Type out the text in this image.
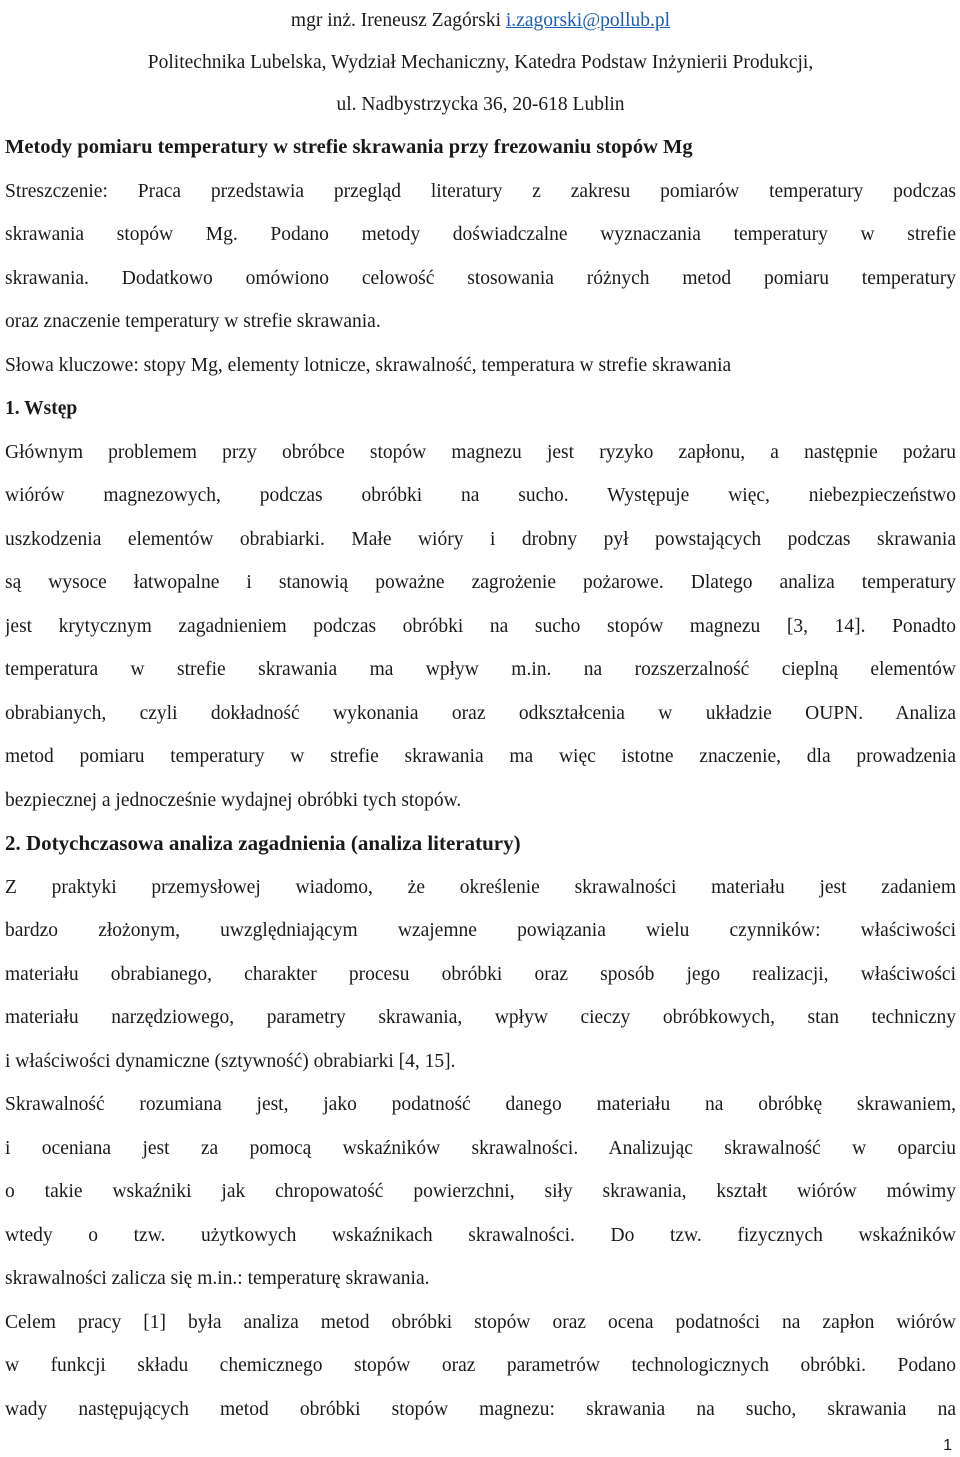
mgr inż. Ireneusz Zagórski i.zagorski@pollub.pl
Politechnika Lubelska, Wydział Mechaniczny, Katedra Podstaw Inżynierii Produkcji,
ul. Nadbystrzycka 36, 20-618 Lublin
Metody pomiaru temperatury w strefie skrawania przy frezowaniu stopów Mg
Streszczenie: Praca przedstawia przegląd literatury z zakresu pomiarów temperatury podczas
skrawania stopów Mg. Podano metody doświadczalne wyznaczania temperatury w strefie
skrawania. Dodatkowo omówiono celowość stosowania różnych metod pomiaru temperatury
oraz znaczenie temperatury w strefie skrawania.
Słowa kluczowe: stopy Mg, elementy lotnicze, skrawalność, temperatura w strefie skrawania
1. Wstęp
Głównym problemem przy obróbce stopów magnezu jest ryzyko zapłonu, a następnie pożaru
wiórów magnezowych, podczas obróbki na sucho. Występuje więc, niebezpieczeństwo
uszkodzenia elementów obrabiarki. Małe wióry i drobny pył powstających podczas skrawania
są wysoce łatwopalne i stanowią poważne zagrożenie pożarowe. Dlatego analiza temperatury
jest krytycznym zagadnieniem podczas obróbki na sucho stopów magnezu [3, 14]. Ponadto
temperatura w strefie skrawania ma wpływ m.in. na rozszerzalność cieplną elementów
obrabianych, czyli dokładność wykonania oraz odkształcenia w układzie OUPN. Analiza
metod pomiaru temperatury w strefie skrawania ma więc istotne znaczenie, dla prowadzenia
bezpiecznej a jednocześnie wydajnej obróbki tych stopów.
2. Dotychczasowa analiza zagadnienia (analiza literatury)
Z praktyki przemysłowej wiadomo, że określenie skrawalności materiału jest zadaniem
bardzo złożonym, uwzględniającym wzajemne powiązania wielu czynników: właściwości
materiału obrabianego, charakter procesu obróbki oraz sposób jego realizacji, właściwości
materiału narzędziowego, parametry skrawania, wpływ cieczy obróbkowych, stan techniczny
i właściwości dynamiczne (sztywność) obrabiarki [4, 15].
Skrawalność rozumiana jest, jako podatność danego materiału na obróbkę skrawaniem,
i oceniana jest za pomocą wskaźników skrawalności. Analizując skrawalność w oparciu
o takie wskaźniki jak chropowatość powierzchni, siły skrawania, kształt wiórów mówimy
wtedy o tzw. użytkowych wskaźnikach skrawalności. Do tzw. fizycznych wskaźników
skrawalności zalicza się m.in.: temperaturę skrawania.
Celem pracy [1] była analiza metod obróbki stopów oraz ocena podatności na zapłon wiórów
w funkcji składu chemicznego stopów oraz parametrów technologicznych obróbki. Podano
wady następujących metod obróbki stopów magnezu: skrawania na sucho, skrawania na
1
